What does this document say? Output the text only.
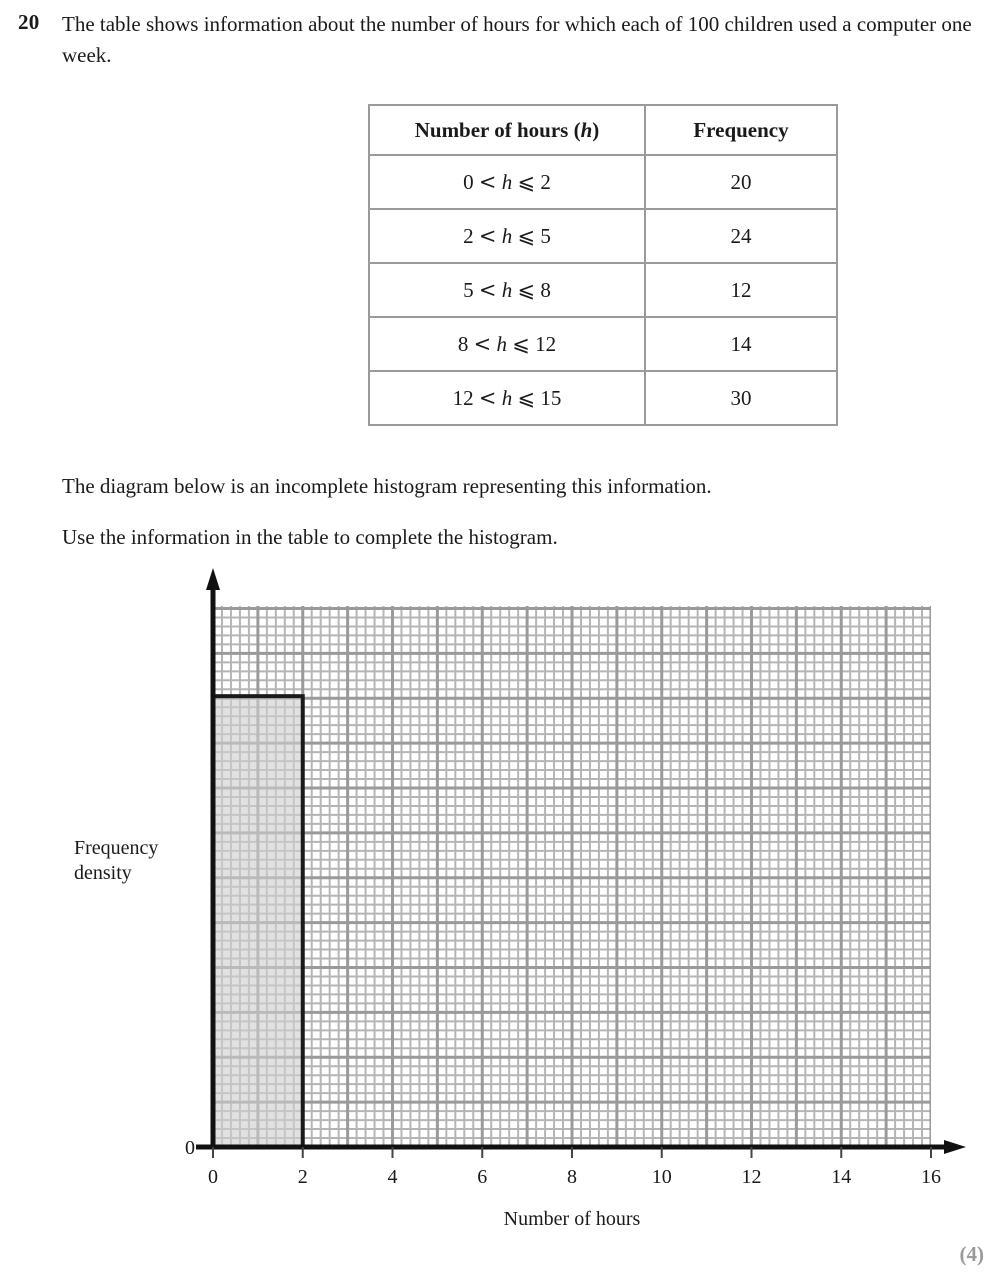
20 The table shows information about the number of hours for which each of 100 children used a computer one week.
Number of hours (h)	Frequency
0 < h ⩽ 2	20
2 < h ⩽ 5	24
5 < h ⩽ 8	12
8 < h ⩽ 12	14
12 < h ⩽ 15	30
The diagram below is an incomplete histogram representing this information.
Use the information in the table to complete the histogram.
Frequency
density
0	2	4	6	8	10	12	14	16
0
Number of hours
(4)
